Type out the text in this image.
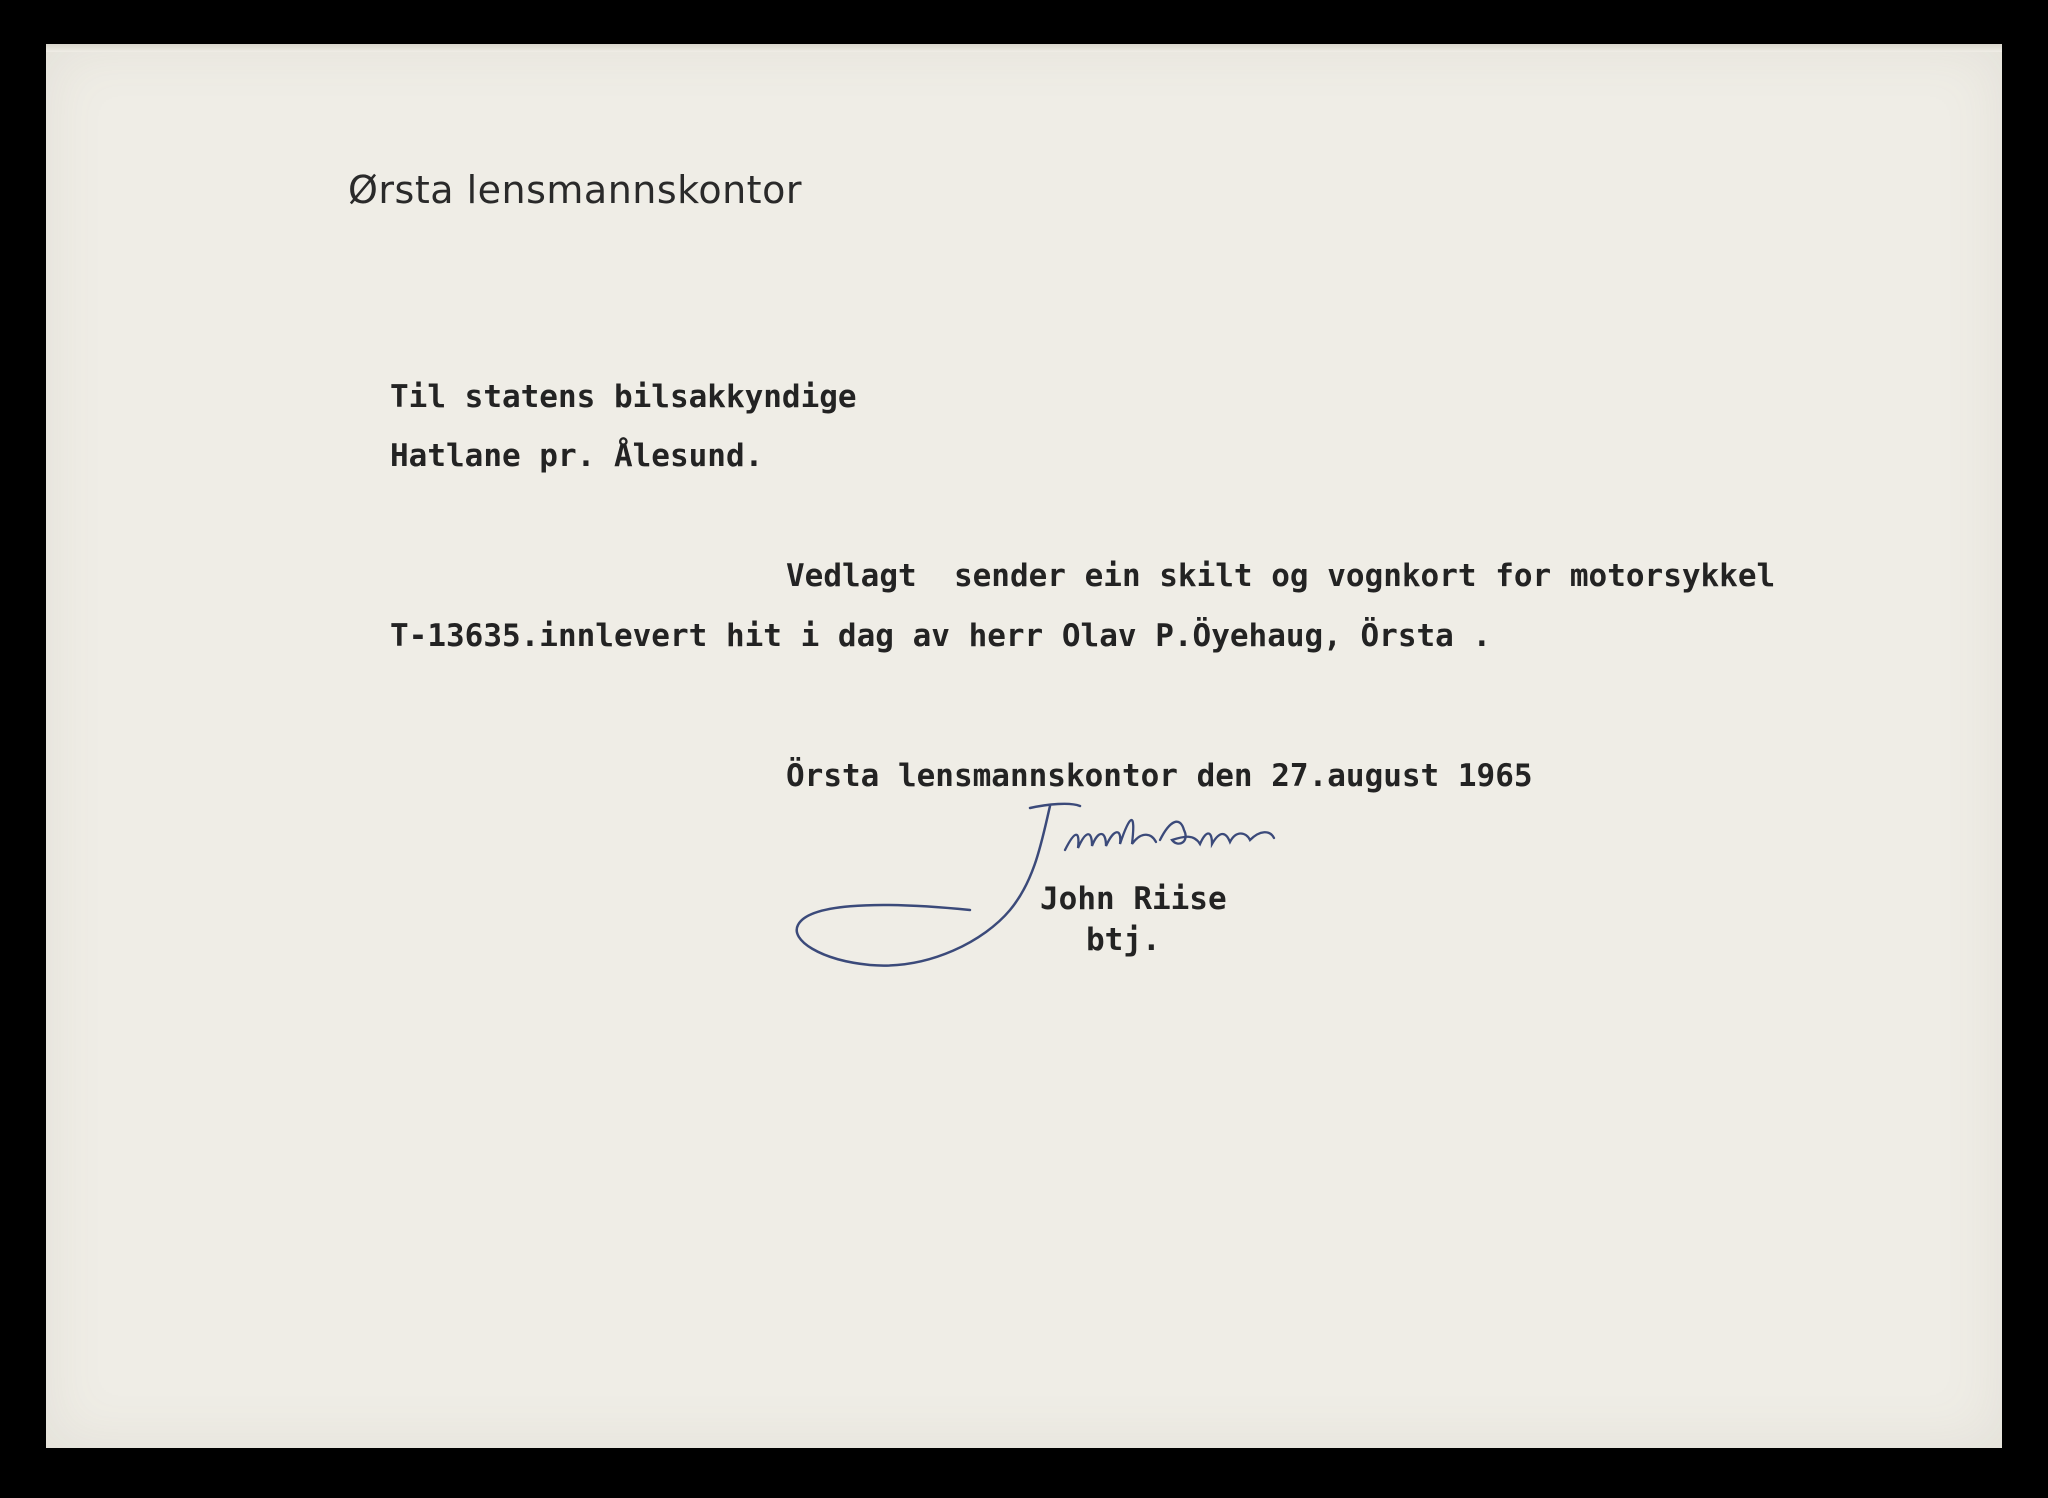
Ørsta lensmannskontor
Til statens bilsakkyndige
Hatlane pr. Ålesund.
Vedlagt  sender ein skilt og vognkort for motorsykkel
T-13635.innlevert hit i dag av herr Olav P.Öyehaug, Örsta .
Örsta lensmannskontor den 27.august 1965
John Riise
btj.
